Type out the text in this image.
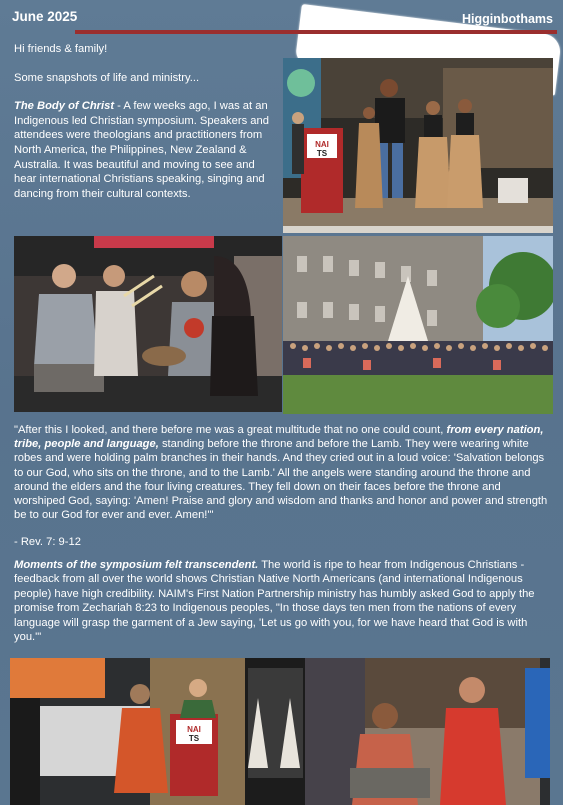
June 2025	Higginbothams

Hi friends & family!

Some snapshots of life and ministry...

The Body of Christ - A few weeks ago, I was at an Indigenous led Christian symposium. Speakers and attendees were theologians and practitioners from North America, the Philippines, New Zealand & Australia. It was beautiful and moving to see and hear international Christians speaking, singing and dancing from their cultural contexts.

NAI
TS
"After this I looked, and there before me was a great multitude that no one could count, from every nation, tribe, people and language, standing before the throne and before the Lamb. They were wearing white robes and were holding palm branches in their hands. And they cried out in a loud voice: 'Salvation belongs to our God, who sits on the throne, and to the Lamb.' All the angels were standing around the throne and around the elders and the four living creatures. They fell down on their faces before the throne and worshiped God, saying: 'Amen! Praise and glory and wisdom and thanks and honor and power and strength be to our God for ever and ever. Amen!'"
- Rev. 7: 9-12
Moments of the symposium felt transcendent. The world is ripe to hear from Indigenous Christians - feedback from all over the world shows Christian Native North Americans (and international Indigenous people) have high credibility. NAIM's First Nation Partnership ministry has humbly asked God to apply the promise from Zechariah 8:23 to Indigenous peoples, "In those days ten men from the nations of every language will grasp the garment of a Jew saying, 'Let us go with you, for we have heard that God is with you.'"
NAI
TS
